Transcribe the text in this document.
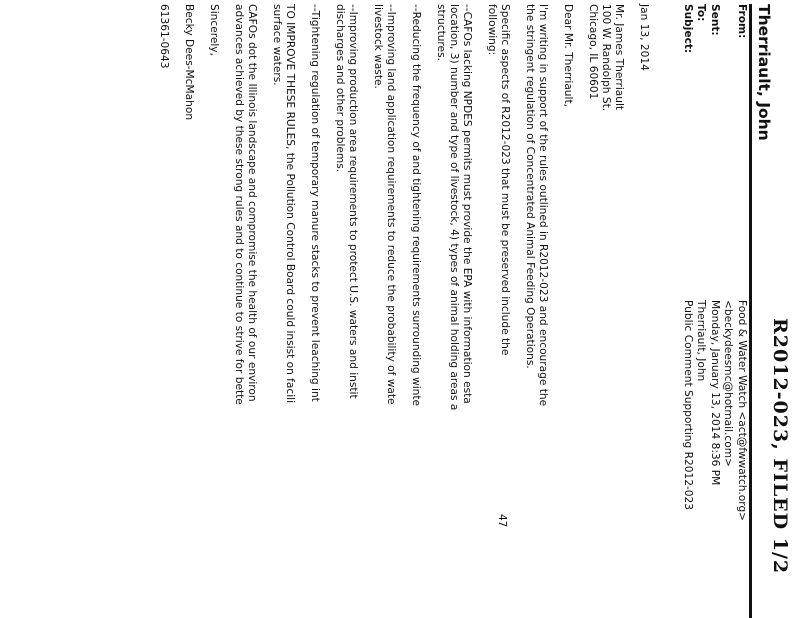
R2012-023, FILED 1/2
Therriault, John
From:
Food & Water Watch <act@fwwatch.org>
<beckydeesmc@hotmail.com>
Sent:
Monday, January 13, 2014 8:36 PM
To:
Therriault, John
Subject:
Public Comment Supporting R2012-023
Jan 13, 2014
Mr. James Therriault
100 W. Randolph St.
Chicago, IL 60601
Dear Mr. Therriault,
I'm writing in support of the rules outlined in R2012-023 and encourage the
the stringent regulation of Concentrated Animal Feeding Operations.
Specific aspects of R2012-023 that must be preserved include the
following:
--CAFOs lacking NPDES permits must provide the EPA with information esta
location, 3) number and type of livestock, 4) types of animal holding areas a
structures.
--Reducing the frequency of and tightening requirements surrounding winte
--Improving land application requirements to reduce the probability of wate
livestock waste.
--Improving production area requirements to protect U.S. waters and instit
discharges and other problems.
--Tightening regulation of temporary manure stacks to prevent leaching int
TO IMPROVE THESE RULES, the Pollution Control Board could insist on facili
surface waters.
CAFOs dot the Illinois landscape and compromise the health of our environ
advances achieved by these strong rules and to continue to strive for bette
Sincerely,
Becky Dees-McMahon
61361-0643
47
